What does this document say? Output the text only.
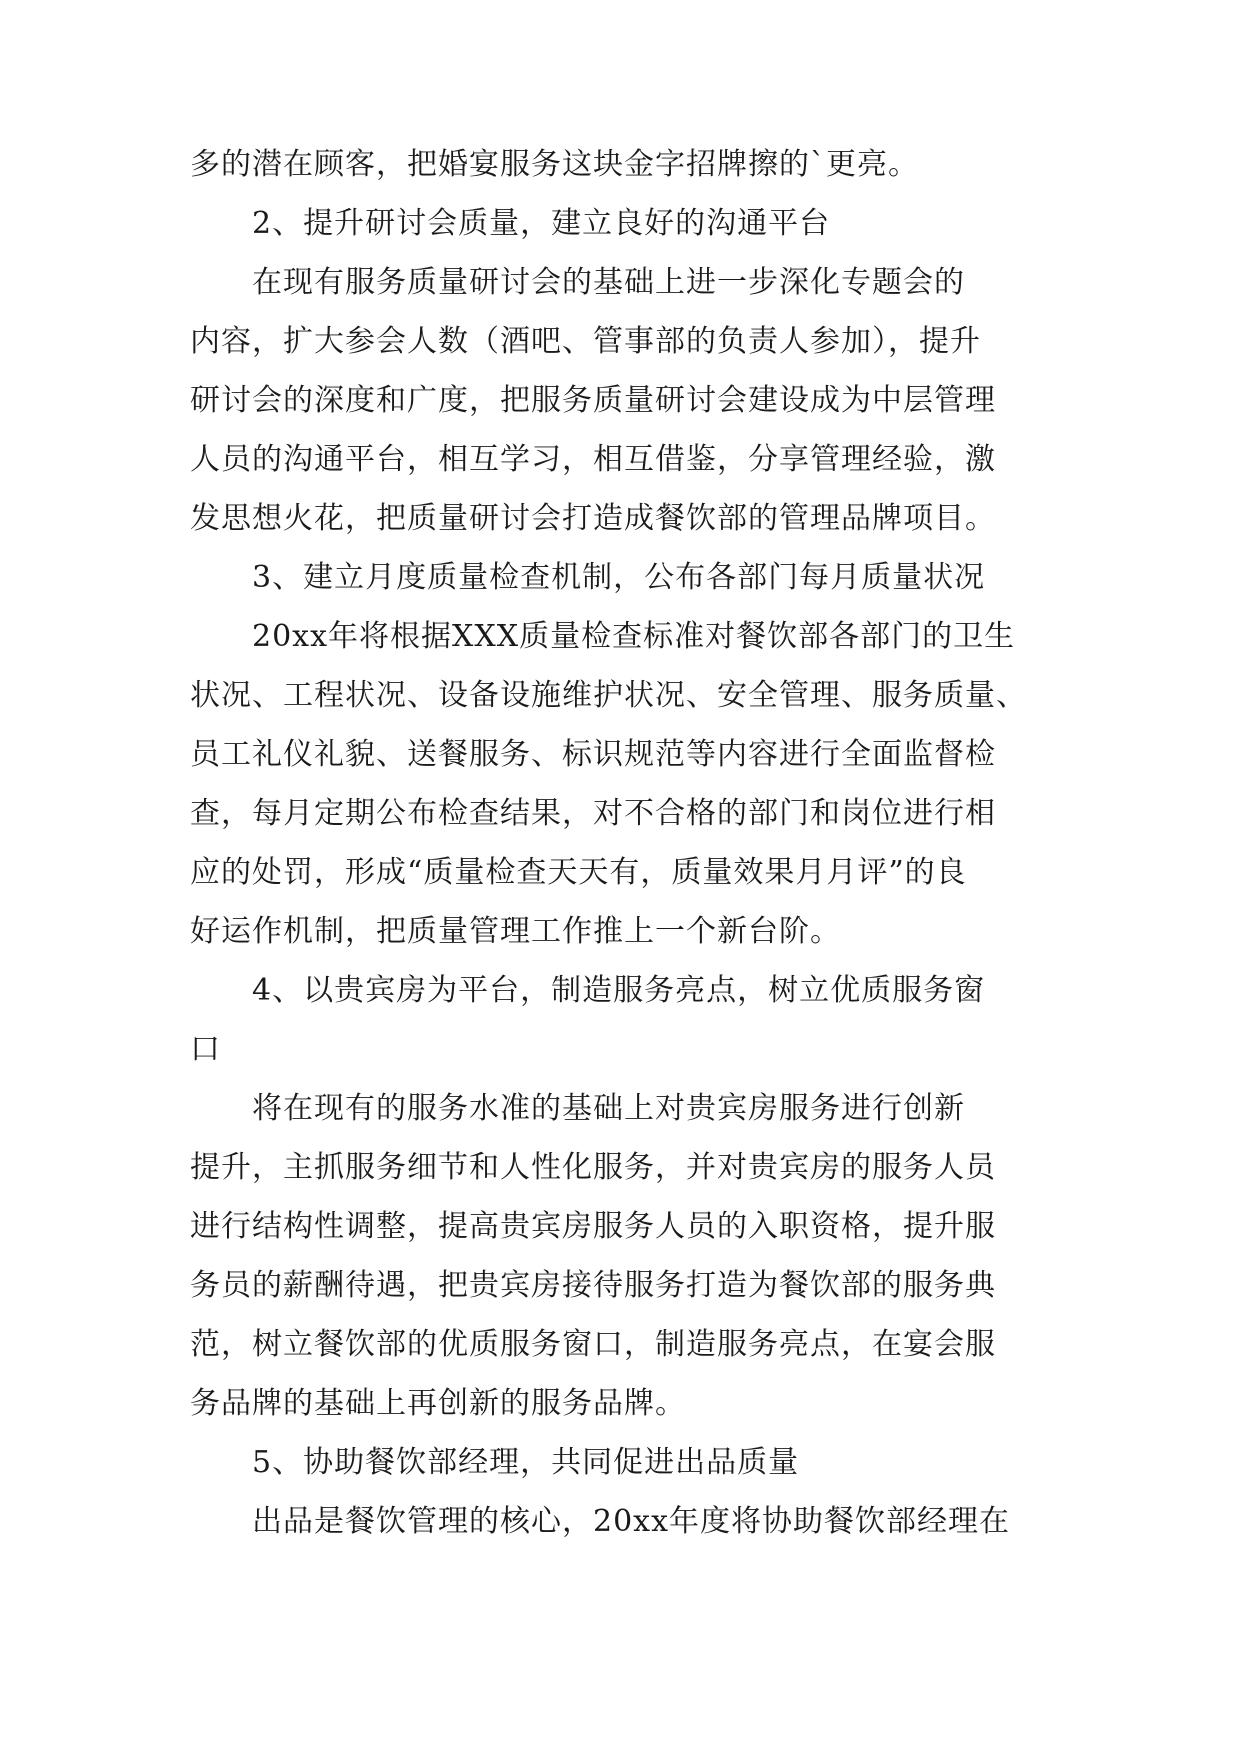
多的潜在顾客，把婚宴服务这块金字招牌擦的`更亮。
2、提升研讨会质量，建立良好的沟通平台
在现有服务质量研讨会的基础上进一步深化专题会的
内容，扩大参会人数（酒吧、管事部的负责人参加），提升
研讨会的深度和广度，把服务质量研讨会建设成为中层管理
人员的沟通平台，相互学习，相互借鉴，分享管理经验，激
发思想火花，把质量研讨会打造成餐饮部的管理品牌项目。
3、建立月度质量检查机制，公布各部门每月质量状况
20xx年将根据XXX质量检查标准对餐饮部各部门的卫生
状况、工程状况、设备设施维护状况、安全管理、服务质量、
员工礼仪礼貌、送餐服务、标识规范等内容进行全面监督检
查，每月定期公布检查结果，对不合格的部门和岗位进行相
应的处罚，形成“质量检查天天有，质量效果月月评”的良
好运作机制，把质量管理工作推上一个新台阶。
4、以贵宾房为平台，制造服务亮点，树立优质服务窗
口
将在现有的服务水准的基础上对贵宾房服务进行创新
提升，主抓服务细节和人性化服务，并对贵宾房的服务人员
进行结构性调整，提高贵宾房服务人员的入职资格，提升服
务员的薪酬待遇，把贵宾房接待服务打造为餐饮部的服务典
范，树立餐饮部的优质服务窗口，制造服务亮点，在宴会服
务品牌的基础上再创新的服务品牌。
5、协助餐饮部经理，共同促进出品质量
出品是餐饮管理的核心，20xx年度将协助餐饮部经理在
